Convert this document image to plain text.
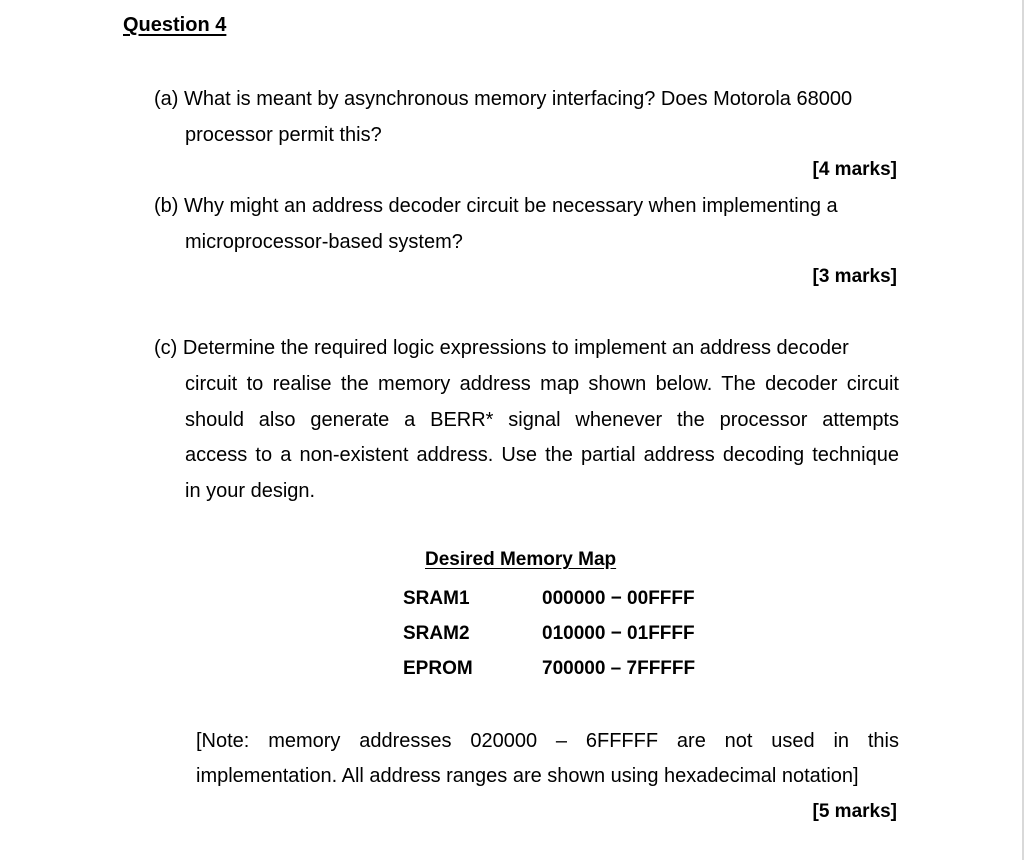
Question 4
(a) What is meant by asynchronous memory interfacing? Does Motorola 68000
processor permit this?
[4 marks]
(b) Why might an address decoder circuit be necessary when implementing a
microprocessor-based system?
[3 marks]
(c) Determine the required logic expressions to implement an address decoder
circuit to realise the memory address map shown below. The decoder circuit
should also generate a BERR* signal whenever the processor attempts
access to a non-existent address. Use the partial address decoding technique
in your design.
Desired Memory Map
SRAM1	000000 − 00FFFF
SRAM2	010000 − 01FFFF
EPROM	700000 – 7FFFFF
[Note: memory addresses 020000 – 6FFFFF are not used in this
implementation. All address ranges are shown using hexadecimal notation]
[5 marks]
